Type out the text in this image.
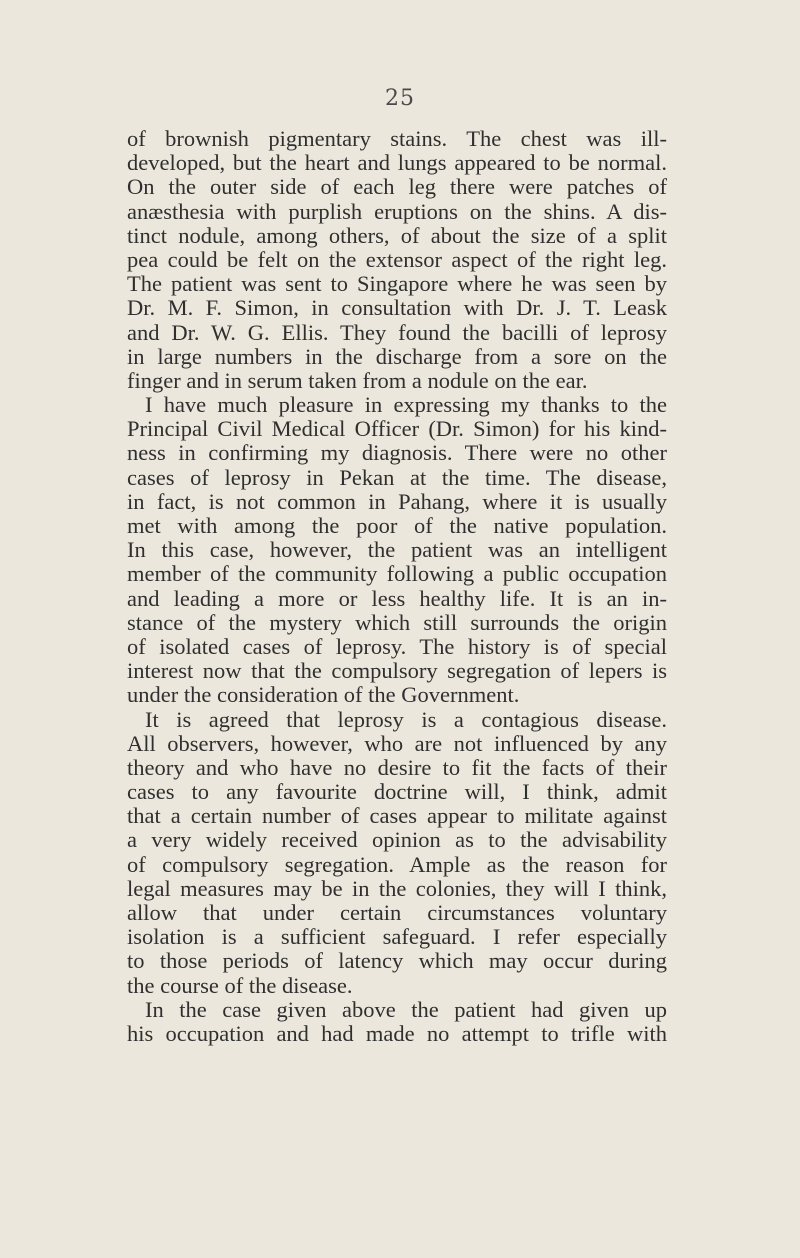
25
of brownish pigmentary stains. The chest was ill-
developed, but the heart and lungs appeared to be normal.
On the outer side of each leg there were patches of
anæsthesia with purplish eruptions on the shins. A dis-
tinct nodule, among others, of about the size of a split
pea could be felt on the extensor aspect of the right leg.
The patient was sent to Singapore where he was seen by
Dr. M. F. Simon, in consultation with Dr. J. T. Leask
and Dr. W. G. Ellis. They found the bacilli of leprosy
in large numbers in the discharge from a sore on the
finger and in serum taken from a nodule on the ear.
I have much pleasure in expressing my thanks to the
Principal Civil Medical Officer (Dr. Simon) for his kind-
ness in confirming my diagnosis. There were no other
cases of leprosy in Pekan at the time. The disease,
in fact, is not common in Pahang, where it is usually
met with among the poor of the native population.
In this case, however, the patient was an intelligent
member of the community following a public occupation
and leading a more or less healthy life. It is an in-
stance of the mystery which still surrounds the origin
of isolated cases of leprosy. The history is of special
interest now that the compulsory segregation of lepers is
under the consideration of the Government.
It is agreed that leprosy is a contagious disease.
All observers, however, who are not influenced by any
theory and who have no desire to fit the facts of their
cases to any favourite doctrine will, I think, admit
that a certain number of cases appear to militate against
a very widely received opinion as to the advisability
of compulsory segregation. Ample as the reason for
legal measures may be in the colonies, they will I think,
allow that under certain circumstances voluntary
isolation is a sufficient safeguard. I refer especially
to those periods of latency which may occur during
the course of the disease.
In the case given above the patient had given up
his occupation and had made no attempt to trifle with
